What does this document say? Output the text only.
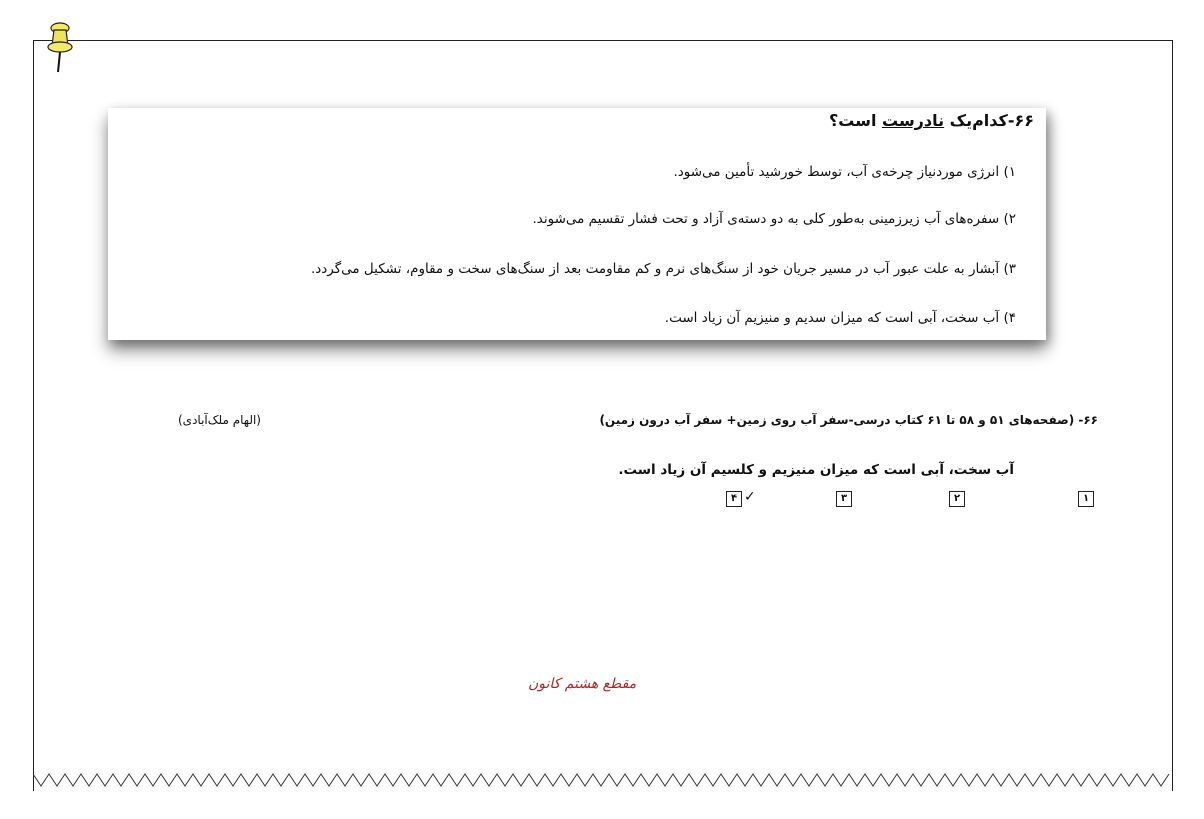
۶۶-کدام‌یک نادرست است؟
۱) انرژی موردنیاز چرخه‌ی آب، توسط خورشید تأمین می‌شود.
۲) سفره‌های آب زیرزمینی به‌طور کلی به دو دسته‌ی آزاد و تحت فشار تقسیم می‌شوند.
۳) آبشار به علت عبور آب در مسیر جریان خود از سنگ‌های نرم و کم مقاومت بعد از سنگ‌های سخت و مقاوم، تشکیل می‌گردد.
۴) آب سخت، آبی است که میزان سدیم و منیزیم آن زیاد است.
۶۶- (صفحه‌های ۵۱ و ۵۸ تا ۶۱ کتاب درسی-سفر آب روی زمین+ سفر آب درون زمین)
(الهام ملک‌آبادی)
آب سخت، آبی است که میزان منیزیم و کلسیم آن زیاد است.
۱
۲
۳
۴ ✓
مقطع هشتم کانون
